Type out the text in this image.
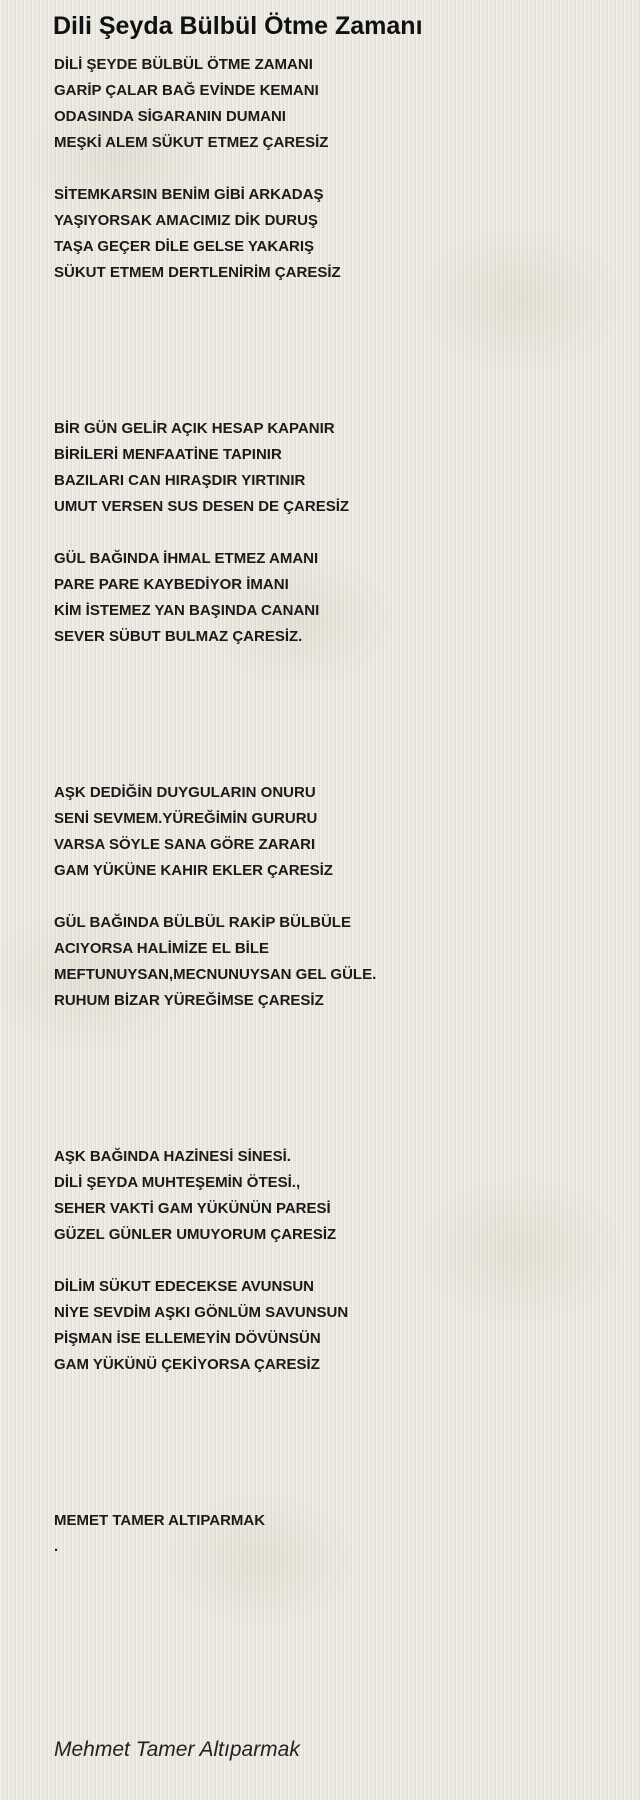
Dili Şeyda Bülbül Ötme Zamanı
DİLİ ŞEYDE BÜLBÜL ÖTME ZAMANI
GARİP ÇALAR BAĞ EVİNDE KEMANI
ODASINDA SİGARANIN DUMANI
MEŞKİ ALEM SÜKUT ETMEZ ÇARESİZ
SİTEMKARSIN BENİM GİBİ ARKADAŞ
YAŞIYORSAK AMACIMIZ DİK DURUŞ
TAŞA GEÇER DİLE GELSE YAKARIŞ
SÜKUT ETMEM DERTLENİRİM ÇARESİZ
BİR GÜN GELİR AÇIK HESAP KAPANIR
BİRİLERİ MENFAATİNE TAPINIR
BAZILARI CAN HIRAŞDIR YIRTINIR
UMUT VERSEN SUS DESEN DE ÇARESİZ
GÜL BAĞINDA İHMAL ETMEZ AMANI
PARE PARE KAYBEDİYOR İMANI
KİM İSTEMEZ YAN BAŞINDA CANANI
SEVER SÜBUT BULMAZ ÇARESİZ.
AŞK DEDİĞİN DUYGULARIN ONURU
SENİ SEVMEM.YÜREĞİMİN GURURU
VARSA SÖYLE SANA GÖRE ZARARI
GAM YÜKÜNE KAHIR EKLER ÇARESİZ
GÜL BAĞINDA BÜLBÜL RAKİP BÜLBÜLE
ACIYORSA HALİMİZE EL BİLE
MEFTUNUYSAN,MECNUNUYSAN GEL GÜLE.
RUHUM BİZAR YÜREĞİMSE ÇARESİZ
AŞK BAĞINDA HAZİNESİ SİNESİ.
DİLİ ŞEYDA MUHTEŞEMİN ÖTESİ.,
SEHER VAKTİ GAM YÜKÜNÜN PARESİ
GÜZEL GÜNLER UMUYORUM ÇARESİZ
DİLİM SÜKUT EDECEKSE AVUNSUN
NİYE SEVDİM AŞKI GÖNLÜM SAVUNSUN
PİŞMAN İSE ELLEMEYİN DÖVÜNSÜN
GAM YÜKÜNÜ ÇEKİYORSA ÇARESİZ
MEMET TAMER ALTIPARMAK
.
Mehmet Tamer Altıparmak
